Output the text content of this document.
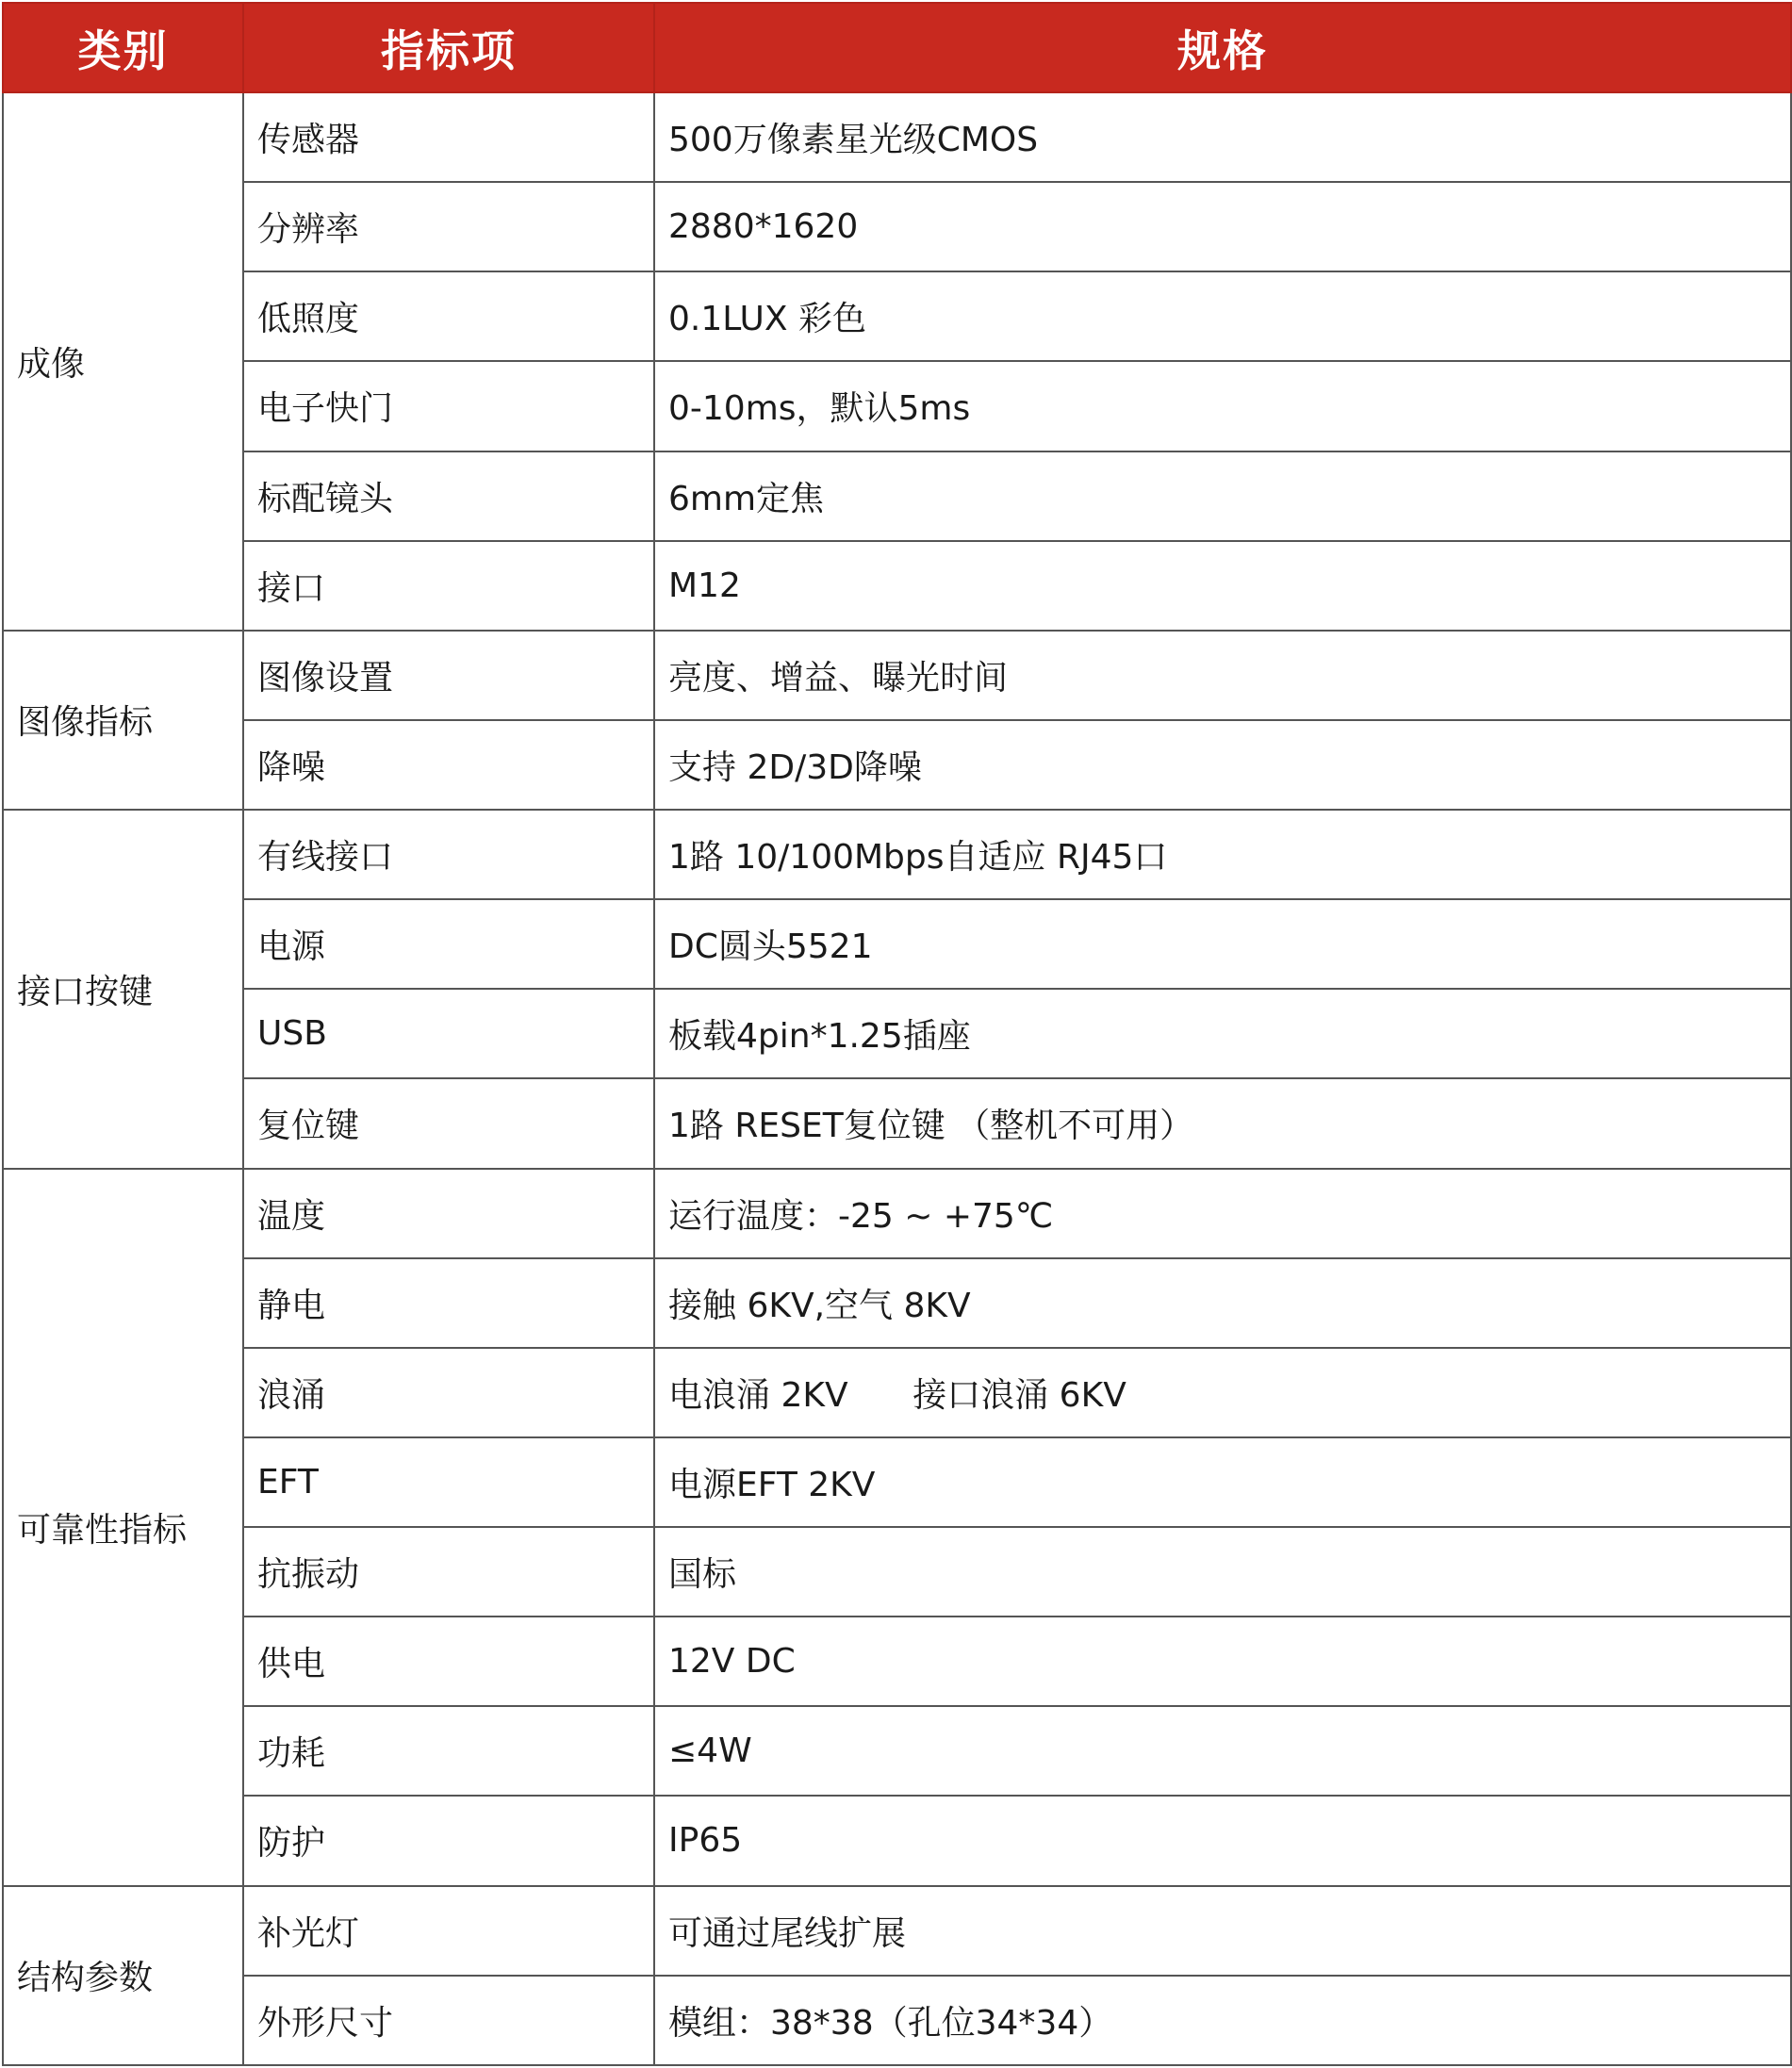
类别	指标项	规格
成像	传感器	500万像素星光级CMOS
	分辨率	2880*1620
	低照度	0.1LUX 彩色
	电子快门	0-10ms，默认5ms
	标配镜头	6mm定焦
	接口	M12
图像指标	图像设置	亮度、增益、曝光时间
	降噪	支持 2D/3D降噪
接口按键	有线接口	1路 10/100Mbps自适应 RJ45口
	电源	DC圆头5521
	USB	板载4pin*1.25插座
	复位键	1路 RESET复位键 （整机不可用）
可靠性指标	温度	运行温度：-25 ~ +75℃
	静电	接触 6KV,空气 8KV
	浪涌	电浪涌 2KV      接口浪涌 6KV
	EFT	电源EFT 2KV
	抗振动	国标
	供电	12V DC
	功耗	≤4W
	防护	IP65
结构参数	补光灯	可通过尾线扩展
	外形尺寸	模组：38*38（孔位34*34）
